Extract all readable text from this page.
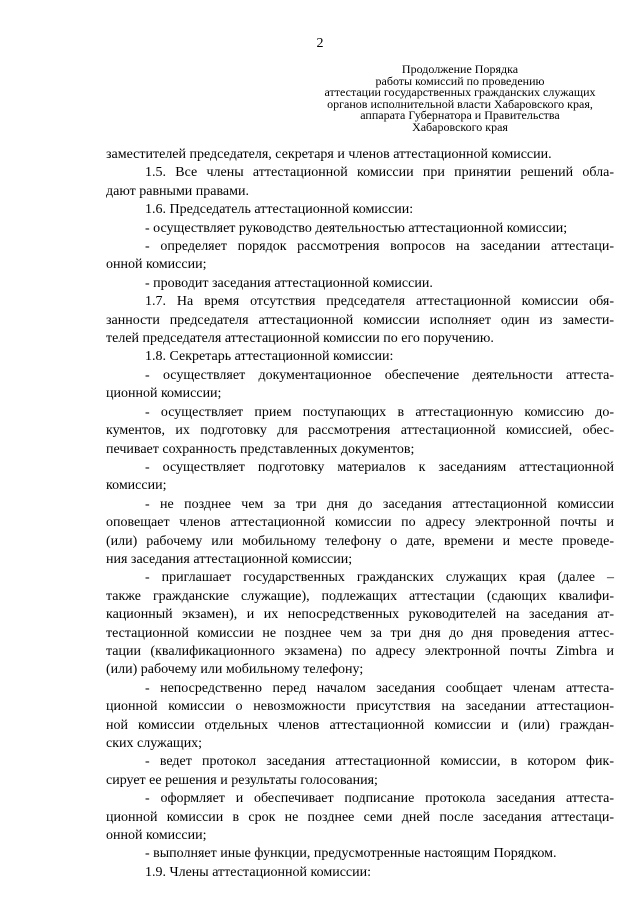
2
Продолжение Порядка
работы комиссий по проведению
аттестации государственных гражданских служащих
органов исполнительной власти Хабаровского края,
аппарата Губернатора и Правительства
Хабаровского края
заместителей председателя, секретаря и членов аттестационной комиссии.
1.5. Все члены аттестационной комиссии при принятии решений обла-
дают равными правами.
1.6. Председатель аттестационной комиссии:
- осуществляет руководство деятельностью аттестационной комиссии;
- определяет порядок рассмотрения вопросов на заседании аттестаци-
онной комиссии;
- проводит заседания аттестационной комиссии.
1.7. На время отсутствия председателя аттестационной комиссии обя-
занности председателя аттестационной комиссии исполняет один из замести-
телей председателя аттестационной комиссии по его поручению.
1.8. Секретарь аттестационной комиссии:
- осуществляет документационное обеспечение деятельности аттеста-
ционной комиссии;
- осуществляет прием поступающих в аттестационную комиссию до-
кументов, их подготовку для рассмотрения аттестационной комиссией, обес-
печивает сохранность представленных документов;
- осуществляет подготовку материалов к заседаниям аттестационной
комиссии;
- не позднее чем за три дня до заседания аттестационной комиссии
оповещает членов аттестационной комиссии по адресу электронной почты и
(или) рабочему или мобильному телефону о дате, времени и месте проведе-
ния заседания аттестационной комиссии;
- приглашает государственных гражданских служащих края (далее –
также гражданские служащие), подлежащих аттестации (сдающих квалифи-
кационный экзамен), и их непосредственных руководителей на заседания ат-
тестационной комиссии не позднее чем за три дня до дня проведения аттес-
тации (квалификационного экзамена) по адресу электронной почты Zimbra и
(или) рабочему или мобильному телефону;
- непосредственно перед началом заседания сообщает членам аттеста-
ционной комиссии о невозможности присутствия на заседании аттестацион-
ной комиссии отдельных членов аттестационной комиссии и (или) граждан-
ских служащих;
- ведет протокол заседания аттестационной комиссии, в котором фик-
сирует ее решения и результаты голосования;
- оформляет и обеспечивает подписание протокола заседания аттеста-
ционной комиссии в срок не позднее семи дней после заседания аттестаци-
онной комиссии;
- выполняет иные функции, предусмотренные настоящим Порядком.
1.9. Члены аттестационной комиссии:
